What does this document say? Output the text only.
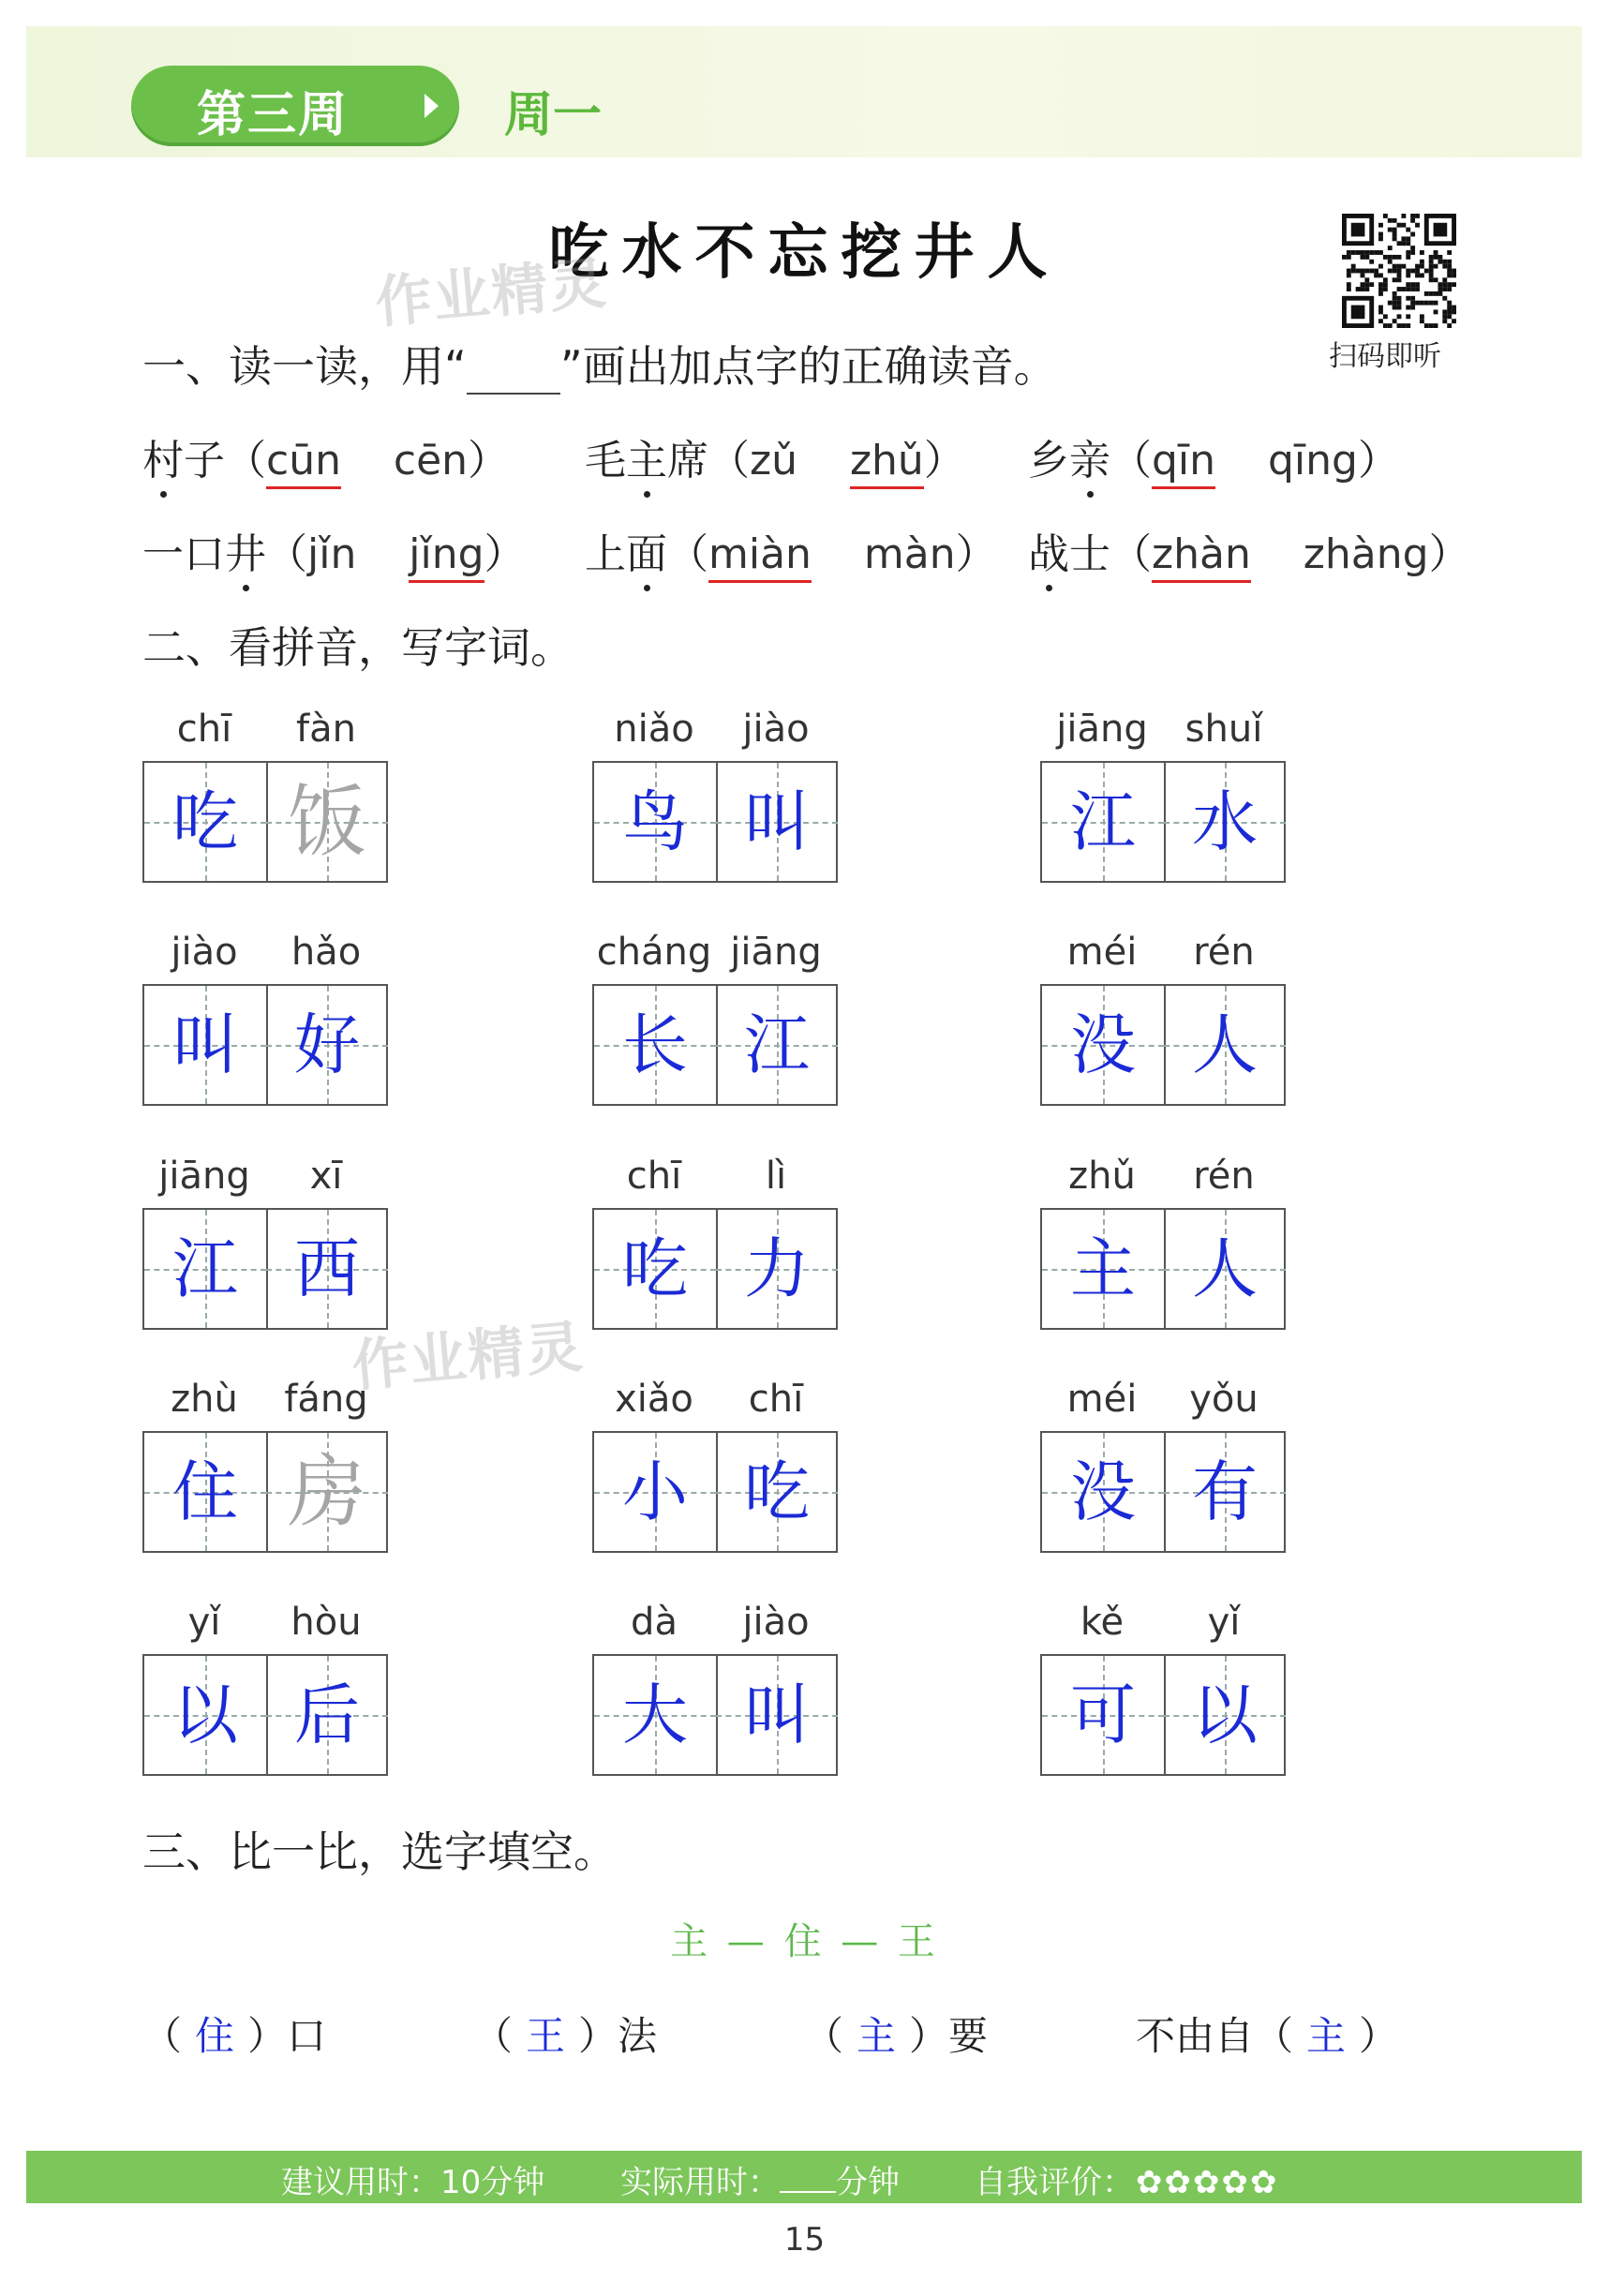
第三周	周一
吃水不忘挖井人
扫码即听
作业精灵
作业精灵
一、读一读，用“ ”画出加点字的正确读音。
村子（cūn cēn） 毛主席（zǔ zhǔ） 乡亲（qīn qīng）
一口井（jǐn jǐng） 上面（miàn màn） 战士（zhàn zhàng）
二、看拼音，写字词。
chī	fàn
吃 饭
niǎo	jiào
鸟 叫
jiāng shuǐ
江 水
jiào	hǎo
叫 好
cháng jiāng
长 江
méi	rén
没 人
jiāng	xī
江 西
chī	lì
吃 力
zhǔ	rén
主 人
zhù	fáng
住 房
xiǎo	chī
小 吃
méi	yǒu
没 有
yǐ	hòu
以 后
dà	jiào
大 叫
kě	yǐ
可 以
三、比一比，选字填空。
主 — 住 — 王
（ 住 ）口	（ 王 ）法	（ 主 ）要	不由自（ 主 ）
建议用时：10分钟 实际用时： 分钟 自我评价：✿✿✿✿✿
15
